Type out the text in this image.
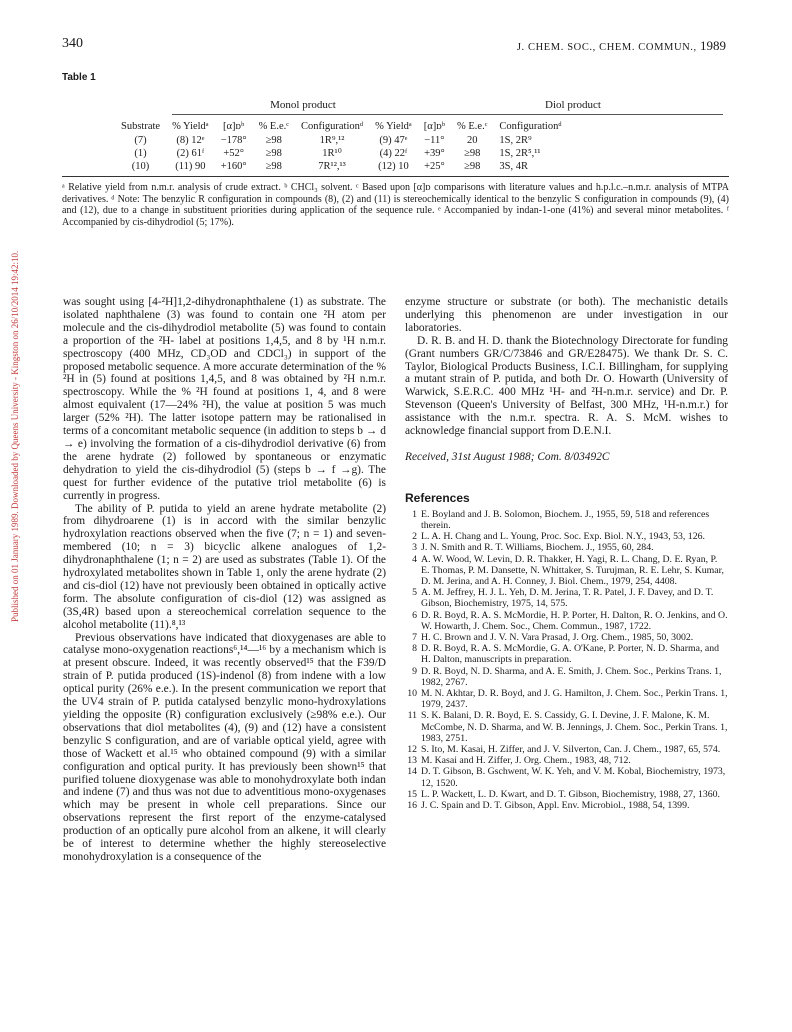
340	J. CHEM. SOC., CHEM. COMMUN., 1989
Published on 01 January 1989. Downloaded by Queens University - Kingston on 26/10/2014 19:42:10.
Table 1
Monol product	Diol product
Substrate	% Yieldᵃ	[α]ᴅᵇ	% E.e.ᶜ	Configurationᵈ	% Yieldᵃ	[α]ᴅᵇ	% E.e.ᶜ	Configurationᵈ
(7)	(8) 12ᵉ	−178°	≥98	1R⁹,¹²	(9) 47ᵉ	−11°	20	1S, 2R⁹
(1)	(2) 61ᶠ	+52°	≥98	1R¹⁰	(4) 22ᶠ	+39°	≥98	1S, 2R⁵,¹¹
(10)	(11) 90	+160°	≥98	7R¹²,¹³	(12) 10	+25°	≥98	3S, 4R
ᵃ Relative yield from n.m.r. analysis of crude extract. ᵇ CHCl₃ solvent. ᶜ Based upon [α]ᴅ comparisons with literature values and h.p.l.c.–n.m.r. analysis of MTPA derivatives. ᵈ Note: The benzylic R configuration in compounds (8), (2) and (11) is stereochemically identical to the benzylic S configuration in compounds (9), (4) and (12), due to a change in substituent priorities during application of the sequence rule. ᵉ Accompanied by indan-1-one (41%) and several minor metabolites. ᶠ Accompanied by cis-dihydrodiol (5; 17%).

was sought using [4-²H]1,2-dihydronaphthalene (1) as substrate. The isolated naphthalene (3) was found to contain one ²H atom per molecule and the cis-dihydrodiol metabolite (5) was found to contain a proportion of the ²H- label at positions 1,4,5, and 8 by ¹H n.m.r. spectroscopy (400 MHz, CD₃OD and CDCl₃) in support of the proposed metabolic sequence. A more accurate determination of the % ²H in (5) found at positions 1,4,5, and 8 was obtained by ²H n.m.r. spectroscopy. While the % ²H found at positions 1, 4, and 8 were almost equivalent (17—24% ²H), the value at position 5 was much larger (52% ²H). The latter isotope pattern may be rationalised in terms of a concomitant metabolic sequence (in addition to steps b → d → e) involving the formation of a cis-dihydrodiol derivative (6) from the arene hydrate (2) followed by spontaneous or enzymatic dehydration to yield the cis-dihydrodiol (5) (steps b → f →g). The quest for further evidence of the putative triol metabolite (6) is currently in progress.

The ability of P. putida to yield an arene hydrate metabolite (2) from dihydroarene (1) is in accord with the similar benzylic hydroxylation reactions observed when the five (7; n = 1) and seven-membered (10; n = 3) bicyclic alkene analogues of 1,2-dihydronaphthalene (1; n = 2) are used as substrates (Table 1). Of the hydroxylated metabolites shown in Table 1, only the arene hydrate (2) and cis-diol (12) have not previously been obtained in optically active form. The absolute configuration of cis-diol (12) was assigned as (3S,4R) based upon a stereochemical correlation sequence to the alcohol metabolite (11).⁸,¹³

Previous observations have indicated that dioxygenases are able to catalyse mono-oxygenation reactions⁶,¹⁴—¹⁶ by a mechanism which is at present obscure. Indeed, it was recently observed¹⁵ that the F39/D strain of P. putida produced (1S)-indenol (8) from indene with a low optical purity (26% e.e.). In the present communication we report that the UV4 strain of P. putida catalysed benzylic mono-hydroxylations yielding the opposite (R) configuration exclusively (≥98% e.e.). Our observations that diol metabolites (4), (9) and (12) have a consistent benzylic S configuration, and are of variable optical yield, agree with those of Wackett et al.¹⁵ who obtained compound (9) with a similar configuration and optical purity. It has previously been shown¹⁵ that purified toluene dioxygenase was able to monohydroxylate both indan and indene (7) and thus was not due to adventitious mono-oxygenases which may be present in whole cell preparations. Since our observations represent the first report of the enzyme-catalysed production of an optically pure alcohol from an alkene, it will clearly be of interest to determine whether the highly stereoselective monohydroxylation is a consequence of the

enzyme structure or substrate (or both). The mechanistic details underlying this phenomenon are under investigation in our laboratories.

D. R. B. and H. D. thank the Biotechnology Directorate for funding (Grant numbers GR/C/73846 and GR/E28475). We thank Dr. S. C. Taylor, Biological Products Business, I.C.I. Billingham, for supplying a mutant strain of P. putida, and both Dr. O. Howarth (University of Warwick, S.E.R.C. 400 MHz ¹H- and ²H-n.m.r. service) and Dr. P. Stevenson (Queen's University of Belfast, 300 MHz, ¹H-n.m.r.) for assistance with the n.m.r. spectra. R. A. S. McM. wishes to acknowledge financial support from D.E.N.I.

Received, 31st August 1988; Com. 8/03492C

References

1 E. Boyland and J. B. Solomon, Biochem. J., 1955, 59, 518 and references therein.
2 L. A. H. Chang and L. Young, Proc. Soc. Exp. Biol. N.Y., 1943, 53, 126.
3 J. N. Smith and R. T. Williams, Biochem. J., 1955, 60, 284.
4 A. W. Wood, W. Levin, D. R. Thakker, H. Yagi, R. L. Chang, D. E. Ryan, P. E. Thomas, P. M. Dansette, N. Whittaker, S. Turujman, R. E. Lehr, S. Kumar, D. M. Jerina, and A. H. Conney, J. Biol. Chem., 1979, 254, 4408.
5 A. M. Jeffrey, H. J. L. Yeh, D. M. Jerina, T. R. Patel, J. F. Davey, and D. T. Gibson, Biochemistry, 1975, 14, 575.
6 D. R. Boyd, R. A. S. McMordie, H. P. Porter, H. Dalton, R. O. Jenkins, and O. W. Howarth, J. Chem. Soc., Chem. Commun., 1987, 1722.
7 H. C. Brown and J. V. N. Vara Prasad, J. Org. Chem., 1985, 50, 3002.
8 D. R. Boyd, R. A. S. McMordie, G. A. O'Kane, P. Porter, N. D. Sharma, and H. Dalton, manuscripts in preparation.
9 D. R. Boyd, N. D. Sharma, and A. E. Smith, J. Chem. Soc., Perkins Trans. 1, 1982, 2767.
10 M. N. Akhtar, D. R. Boyd, and J. G. Hamilton, J. Chem. Soc., Perkin Trans. 1, 1979, 2437.
11 S. K. Balani, D. R. Boyd, E. S. Cassidy, G. I. Devine, J. F. Malone, K. M. McCombe, N. D. Sharma, and W. B. Jennings, J. Chem. Soc., Perkin Trans. 1, 1983, 2751.
12 S. Ito, M. Kasai, H. Ziffer, and J. V. Silverton, Can. J. Chem., 1987, 65, 574.
13 M. Kasai and H. Ziffer, J. Org. Chem., 1983, 48, 712.
14 D. T. Gibson, B. Gschwent, W. K. Yeh, and V. M. Kobal, Biochemistry, 1973, 12, 1520.
15 L. P. Wackett, L. D. Kwart, and D. T. Gibson, Biochemistry, 1988, 27, 1360.
16 J. C. Spain and D. T. Gibson, Appl. Env. Microbiol., 1988, 54, 1399.
